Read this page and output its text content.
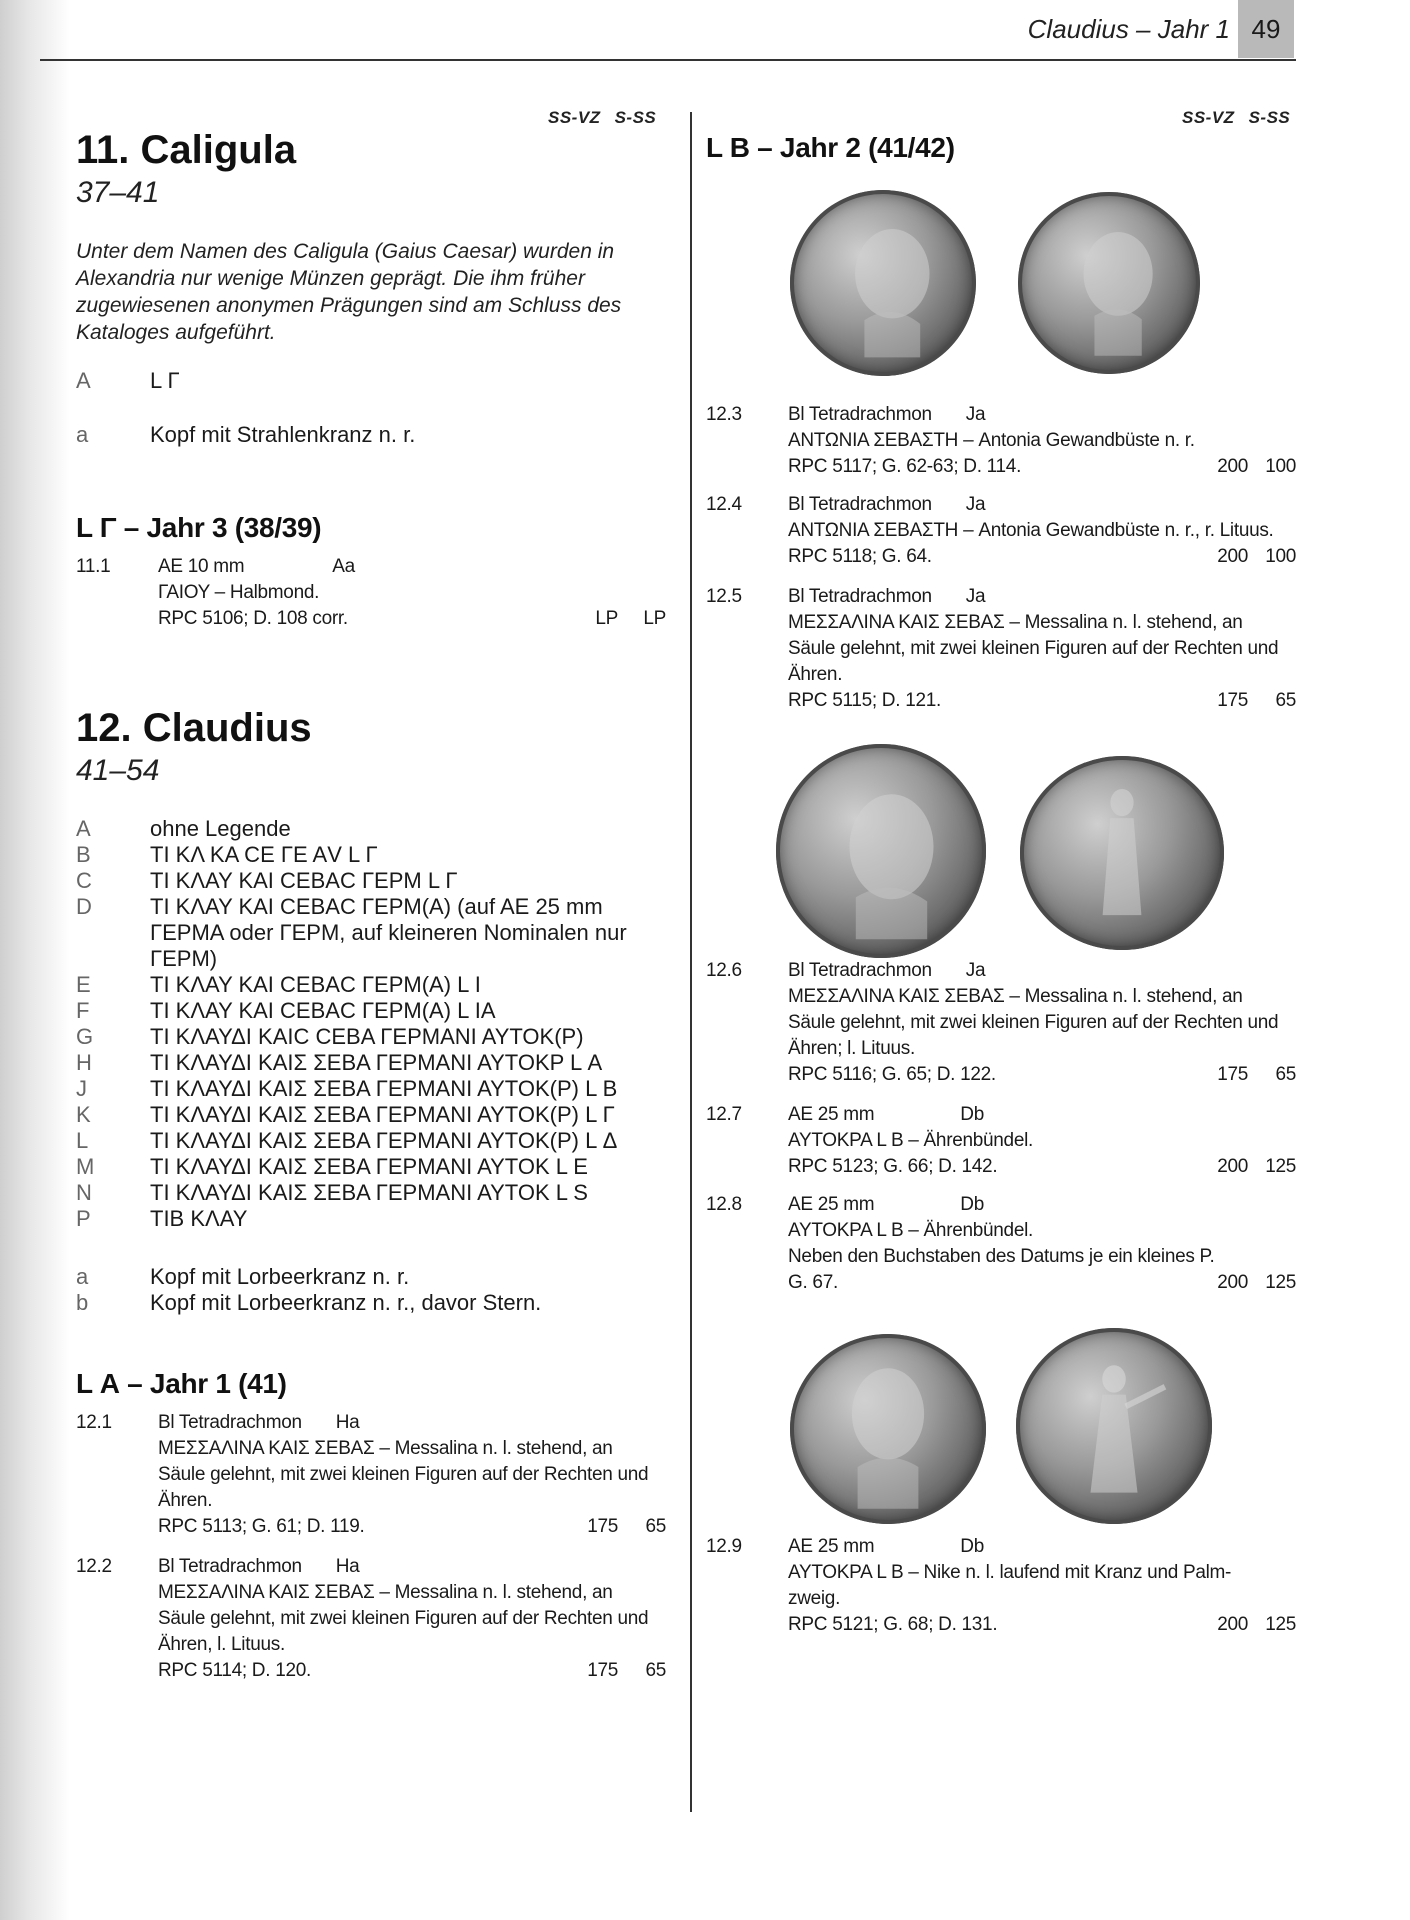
Claudius – Jahr 1 49
SS-VZ S-SS	SS-VZ S-SS
11. Caligula
37–41
Unter dem Namen des Caligula (Gaius Caesar) wurden in Alexandria nur wenige Münzen geprägt. Die ihm früher zugewiesenen anonymen Prägungen sind am Schluss des Kataloges aufgeführt.
A	L Γ
a	Kopf mit Strahlenkranz n. r.
L Γ – Jahr 3 (38/39)
11.1	AE 10 mm	Aa
ΓΑΙΟΥ – Halbmond.
RPC 5106; D. 108 corr.	LP LP
12. Claudius
41–54
A	ohne Legende
B	ΤΙ ΚΛ ΚΑ CΕ ΓΕ ΑV L Γ
C	ΤΙ ΚΛΑΥ ΚΑΙ CΕΒΑC ΓΕΡΜ L Γ
D	ΤΙ ΚΛΑΥ ΚΑΙ CΕΒΑC ΓΕΡΜ(Α) (auf AE 25 mm ΓΕΡΜΑ oder ΓΕΡΜ, auf kleineren Nominalen nur ΓΕΡΜ)
E	ΤΙ ΚΛΑΥ ΚΑΙ CΕΒΑC ΓΕΡΜ(Α) L Ι
F	ΤΙ ΚΛΑΥ ΚΑΙ CΕΒΑC ΓΕΡΜ(Α) L ΙΑ
G	ΤΙ ΚΛΑΥΔΙ ΚΑΙC CΕΒΑ ΓΕΡΜΑΝΙ ΑΥΤΟΚ(Ρ)
H	ΤΙ ΚΛΑΥΔΙ ΚΑΙΣ ΣΕΒΑ ΓΕΡΜΑΝΙ ΑΥΤΟΚΡ L Α
J	ΤΙ ΚΛΑΥΔΙ ΚΑΙΣ ΣΕΒΑ ΓΕΡΜΑΝΙ ΑΥΤΟΚ(Ρ) L Β
K	ΤΙ ΚΛΑΥΔΙ ΚΑΙΣ ΣΕΒΑ ΓΕΡΜΑΝΙ ΑΥΤΟΚ(Ρ) L Γ
L	ΤΙ ΚΛΑΥΔΙ ΚΑΙΣ ΣΕΒΑ ΓΕΡΜΑΝΙ ΑΥΤΟΚ(Ρ) L Δ
M	ΤΙ ΚΛΑΥΔΙ ΚΑΙΣ ΣΕΒΑ ΓΕΡΜΑΝΙ ΑΥΤΟΚ L Ε
N	ΤΙ ΚΛΑΥΔΙ ΚΑΙΣ ΣΕΒΑ ΓΕΡΜΑΝΙ ΑΥΤΟΚ L S
P	ΤΙΒ ΚΛΑΥ
a	Kopf mit Lorbeerkranz n. r.
b	Kopf mit Lorbeerkranz n. r., davor Stern.
L Α – Jahr 1 (41)
12.1	Bl Tetradrachmon Ha
ΜΕΣΣΑΛΙΝΑ ΚΑΙΣ ΣΕΒΑΣ – Messalina n. l. stehend, an
Säule gelehnt, mit zwei kleinen Figuren auf der Rechten und
Ähren.
RPC 5113; G. 61; D. 119.	175 65
12.2	Bl Tetradrachmon Ha
ΜΕΣΣΑΛΙΝΑ ΚΑΙΣ ΣΕΒΑΣ – Messalina n. l. stehend, an
Säule gelehnt, mit zwei kleinen Figuren auf der Rechten und
Ähren, l. Lituus.
RPC 5114; D. 120.	175 65
L Β – Jahr 2 (41/42)
12.3	Bl Tetradrachmon Ja
ΑΝΤΩΝΙΑ ΣΕΒΑΣΤΗ – Antonia Gewandbüste n. r.
RPC 5117; G. 62-63; D. 114.	200 100
12.4	Bl Tetradrachmon Ja
ΑΝΤΩΝΙΑ ΣΕΒΑΣΤΗ – Antonia Gewandbüste n. r., r. Lituus.
RPC 5118; G. 64.	200 100
12.5	Bl Tetradrachmon Ja
ΜΕΣΣΑΛΙΝΑ ΚΑΙΣ ΣΕΒΑΣ – Messalina n. l. stehend, an
Säule gelehnt, mit zwei kleinen Figuren auf der Rechten und
Ähren.
RPC 5115; D. 121.	175 65
12.6	Bl Tetradrachmon Ja
ΜΕΣΣΑΛΙΝΑ ΚΑΙΣ ΣΕΒΑΣ – Messalina n. l. stehend, an
Säule gelehnt, mit zwei kleinen Figuren auf der Rechten und
Ähren; l. Lituus.
RPC 5116; G. 65; D. 122.	175 65
12.7	AE 25 mm	Db
ΑΥΤΟΚΡΑ L Β – Ährenbündel.
RPC 5123; G. 66; D. 142.	200 125
12.8	AE 25 mm	Db
ΑΥΤΟΚΡΑ L Β – Ährenbündel.
Neben den Buchstaben des Datums je ein kleines P.
G. 67.	200 125
12.9	AE 25 mm	Db
ΑΥΤΟΚΡΑ L Β – Nike n. l. laufend mit Kranz und Palm-
zweig.
RPC 5121; G. 68; D. 131.	200 125
